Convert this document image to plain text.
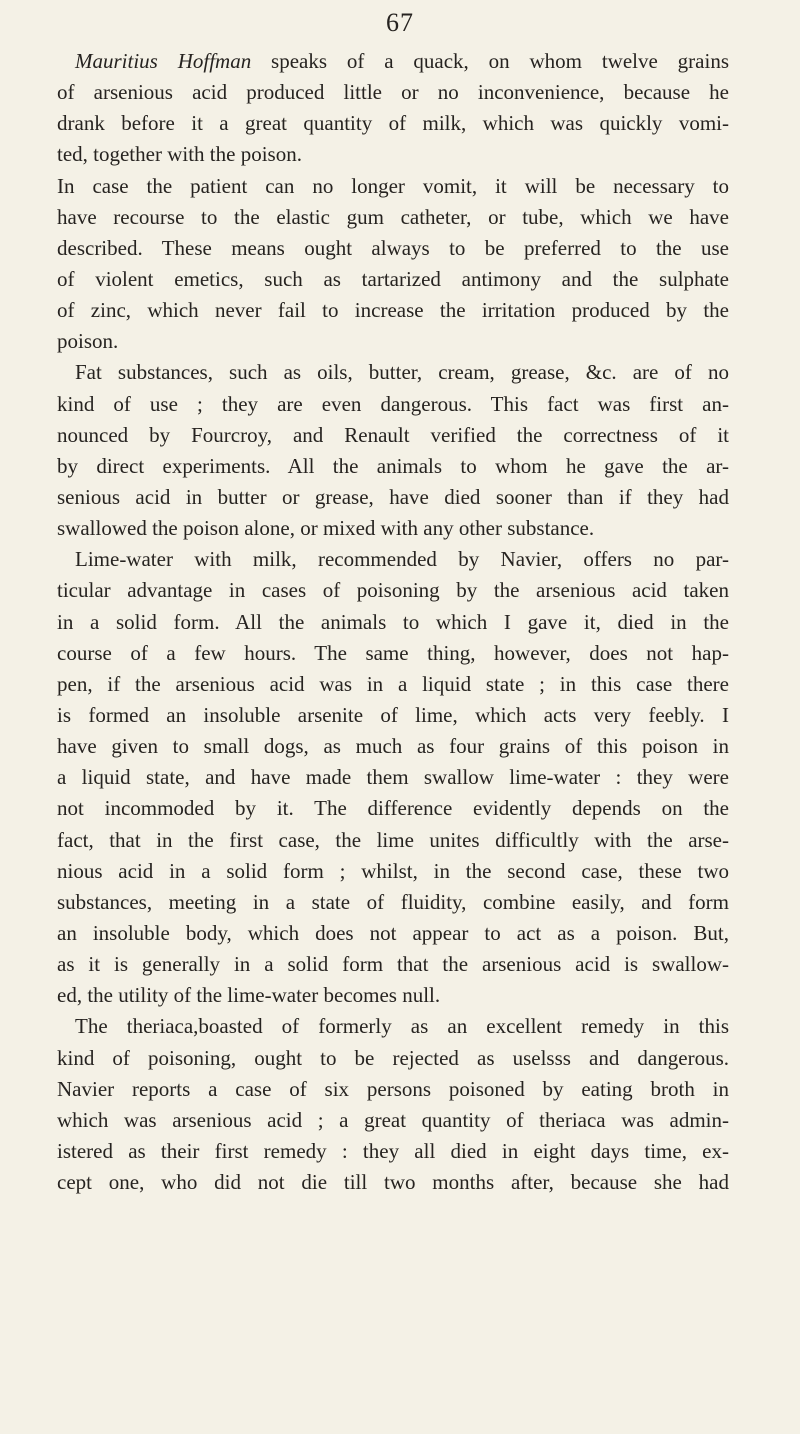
67
Mauritius Hoffman speaks of a quack, on whom twelve grains
of arsenious acid produced little or no inconvenience, because he
drank before it a great quantity of milk, which was quickly vomi-
ted, together with the poison.
In case the patient can no longer vomit, it will be necessary to
have recourse to the elastic gum catheter, or tube, which we have
described. These means ought always to be preferred to the use
of violent emetics, such as tartarized antimony and the sulphate
of zinc, which never fail to increase the irritation produced by the
poison.
Fat substances, such as oils, butter, cream, grease, &c. are of no
kind of use ; they are even dangerous. This fact was first an-
nounced by Fourcroy, and Renault verified the correctness of it
by direct experiments. All the animals to whom he gave the ar-
senious acid in butter or grease, have died sooner than if they had
swallowed the poison alone, or mixed with any other substance.
Lime-water with milk, recommended by Navier, offers no par-
ticular advantage in cases of poisoning by the arsenious acid taken
in a solid form. All the animals to which I gave it, died in the
course of a few hours. The same thing, however, does not hap-
pen, if the arsenious acid was in a liquid state ; in this case there
is formed an insoluble arsenite of lime, which acts very feebly. I
have given to small dogs, as much as four grains of this poison in
a liquid state, and have made them swallow lime-water : they were
not incommoded by it. The difference evidently depends on the
fact, that in the first case, the lime unites difficultly with the arse-
nious acid in a solid form ; whilst, in the second case, these two
substances, meeting in a state of fluidity, combine easily, and form
an insoluble body, which does not appear to act as a poison. But,
as it is generally in a solid form that the arsenious acid is swallow-
ed, the utility of the lime-water becomes null.
The theriaca,boasted of formerly as an excellent remedy in this
kind of poisoning, ought to be rejected as uselsss and dangerous.
Navier reports a case of six persons poisoned by eating broth in
which was arsenious acid ; a great quantity of theriaca was admin-
istered as their first remedy : they all died in eight days time, ex-
cept one, who did not die till two months after, because she had
